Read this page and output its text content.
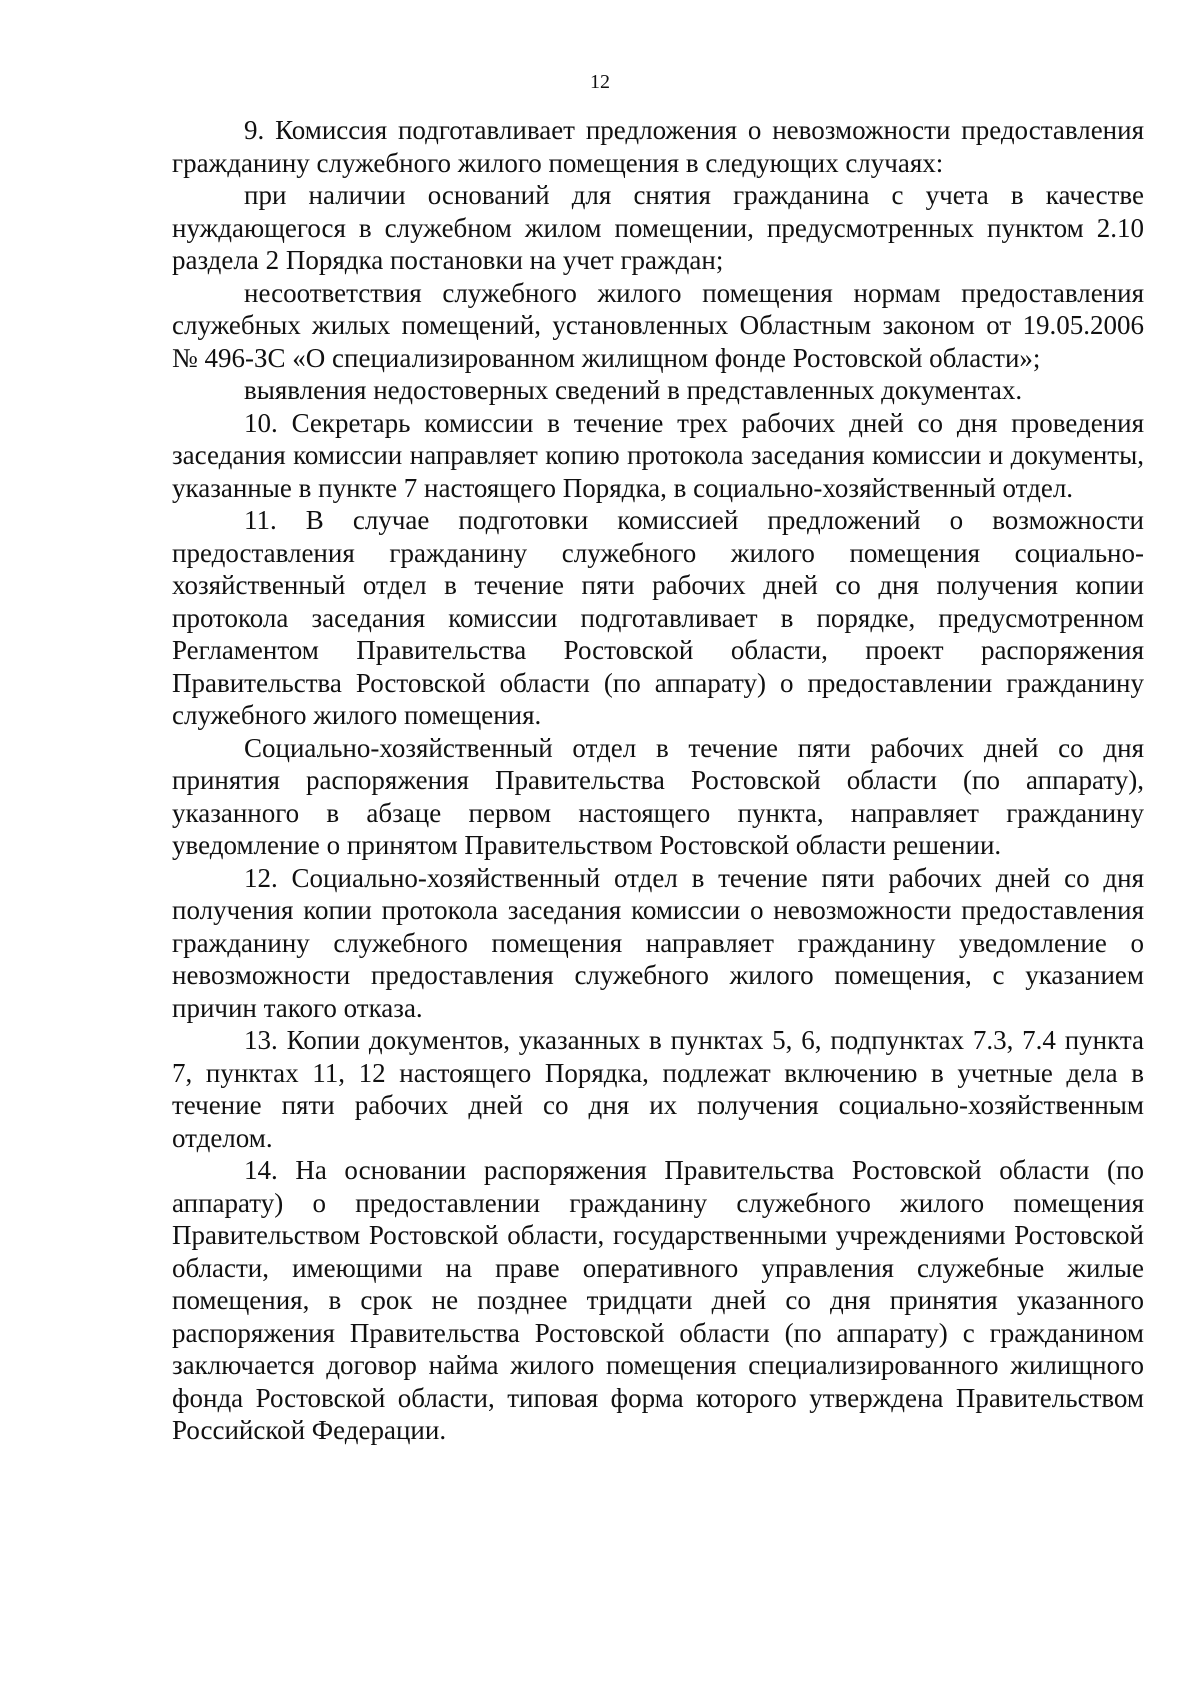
12

9. Комиссия подготавливает предложения о невозможности предоставления гражданину служебного жилого помещения в следующих случаях:

при наличии оснований для снятия гражданина с учета в качестве нуждающегося в служебном жилом помещении, предусмотренных пунктом 2.10 раздела 2 Порядка постановки на учет граждан;

несоответствия служебного жилого помещения нормам предоставления служебных жилых помещений, установленных Областным законом от 19.05.2006 № 496-ЗС «О специализированном жилищном фонде Ростовской области»;

выявления недостоверных сведений в представленных документах.

10. Секретарь комиссии в течение трех рабочих дней со дня проведения заседания комиссии направляет копию протокола заседания комиссии и документы, указанные в пункте 7 настоящего Порядка, в социально-хозяйственный отдел.

11. В случае подготовки комиссией предложений о возможности предоставления гражданину служебного жилого помещения социально-хозяйственный отдел в течение пяти рабочих дней со дня получения копии протокола заседания комиссии подготавливает в порядке, предусмотренном Регламентом Правительства Ростовской области, проект распоряжения Правительства Ростовской области (по аппарату) о предоставлении гражданину служебного жилого помещения.

Социально-хозяйственный отдел в течение пяти рабочих дней со дня принятия распоряжения Правительства Ростовской области (по аппарату), указанного в абзаце первом настоящего пункта, направляет гражданину уведомление о принятом Правительством Ростовской области решении.

12. Социально-хозяйственный отдел в течение пяти рабочих дней со дня получения копии протокола заседания комиссии о невозможности предоставления гражданину служебного помещения направляет гражданину уведомление о невозможности предоставления служебного жилого помещения, с указанием причин такого отказа.

13. Копии документов, указанных в пунктах 5, 6, подпунктах 7.3, 7.4 пункта 7, пунктах 11, 12 настоящего Порядка, подлежат включению в учетные дела в течение пяти рабочих дней со дня их получения социально-хозяйственным отделом.

14. На основании распоряжения Правительства Ростовской области (по аппарату) о предоставлении гражданину служебного жилого помещения Правительством Ростовской области, государственными учреждениями Ростовской области, имеющими на праве оперативного управления служебные жилые помещения, в срок не позднее тридцати дней со дня принятия указанного распоряжения Правительства Ростовской области (по аппарату) с гражданином заключается договор найма жилого помещения специализированного жилищного фонда Ростовской области, типовая форма которого утверждена Правительством Российской Федерации.
